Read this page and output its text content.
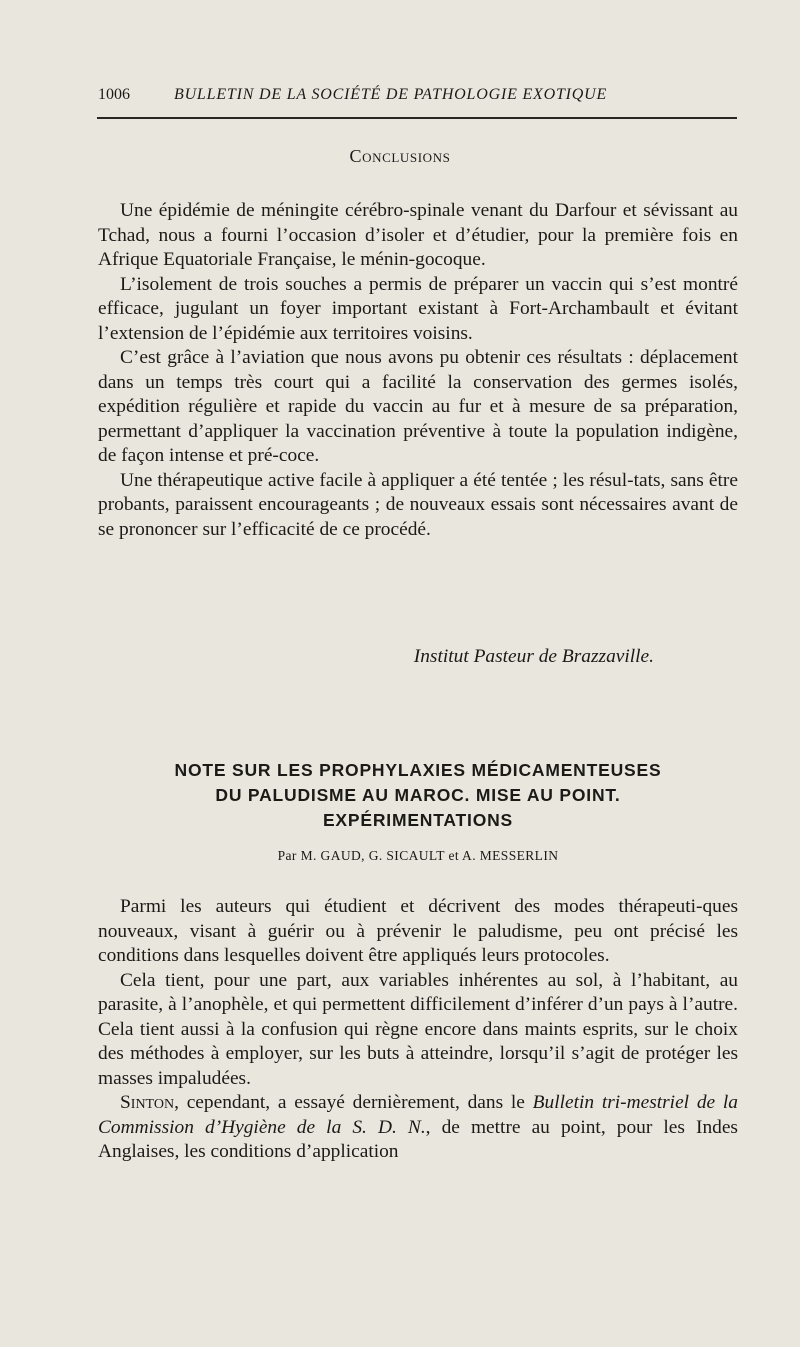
1006	BULLETIN DE LA SOCIÉTÉ DE PATHOLOGIE EXOTIQUE
Conclusions

Une épidémie de méningite cérébro-spinale venant du Darfour et sévissant au Tchad, nous a fourni l’occasion d’isoler et d’étudier, pour la première fois en Afrique Equatoriale Française, le ménin-gocoque.

L’isolement de trois souches a permis de préparer un vaccin qui s’est montré efficace, jugulant un foyer important existant à Fort-Archambault et évitant l’extension de l’épidémie aux territoires voisins.

C’est grâce à l’aviation que nous avons pu obtenir ces résultats : déplacement dans un temps très court qui a facilité la conservation des germes isolés, expédition régulière et rapide du vaccin au fur et à mesure de sa préparation, permettant d’appliquer la vaccination préventive à toute la population indigène, de façon intense et pré-coce.

Une thérapeutique active facile à appliquer a été tentée ; les résul-tats, sans être probants, paraissent encourageants ; de nouveaux essais sont nécessaires avant de se prononcer sur l’efficacité de ce procédé.

Institut Pasteur de Brazzaville.
NOTE SUR LES PROPHYLAXIES MÉDICAMENTEUSES
DU PALUDISME AU MAROC. MISE AU POINT.
EXPÉRIMENTATIONS
Par M. GAUD, G. SICAULT et A. MESSERLIN

Parmi les auteurs qui étudient et décrivent des modes thérapeuti-ques nouveaux, visant à guérir ou à prévenir le paludisme, peu ont précisé les conditions dans lesquelles doivent être appliqués leurs protocoles.

Cela tient, pour une part, aux variables inhérentes au sol, à l’habitant, au parasite, à l’anophèle, et qui permettent difficilement d’inférer d’un pays à l’autre. Cela tient aussi à la confusion qui règne encore dans maints esprits, sur le choix des méthodes à employer, sur les buts à atteindre, lorsqu’il s’agit de protéger les masses impaludées.

Sinton, cependant, a essayé dernièrement, dans le Bulletin tri-mestriel de la Commission d’Hygiène de la S. D. N., de mettre au point, pour les Indes Anglaises, les conditions d’application
